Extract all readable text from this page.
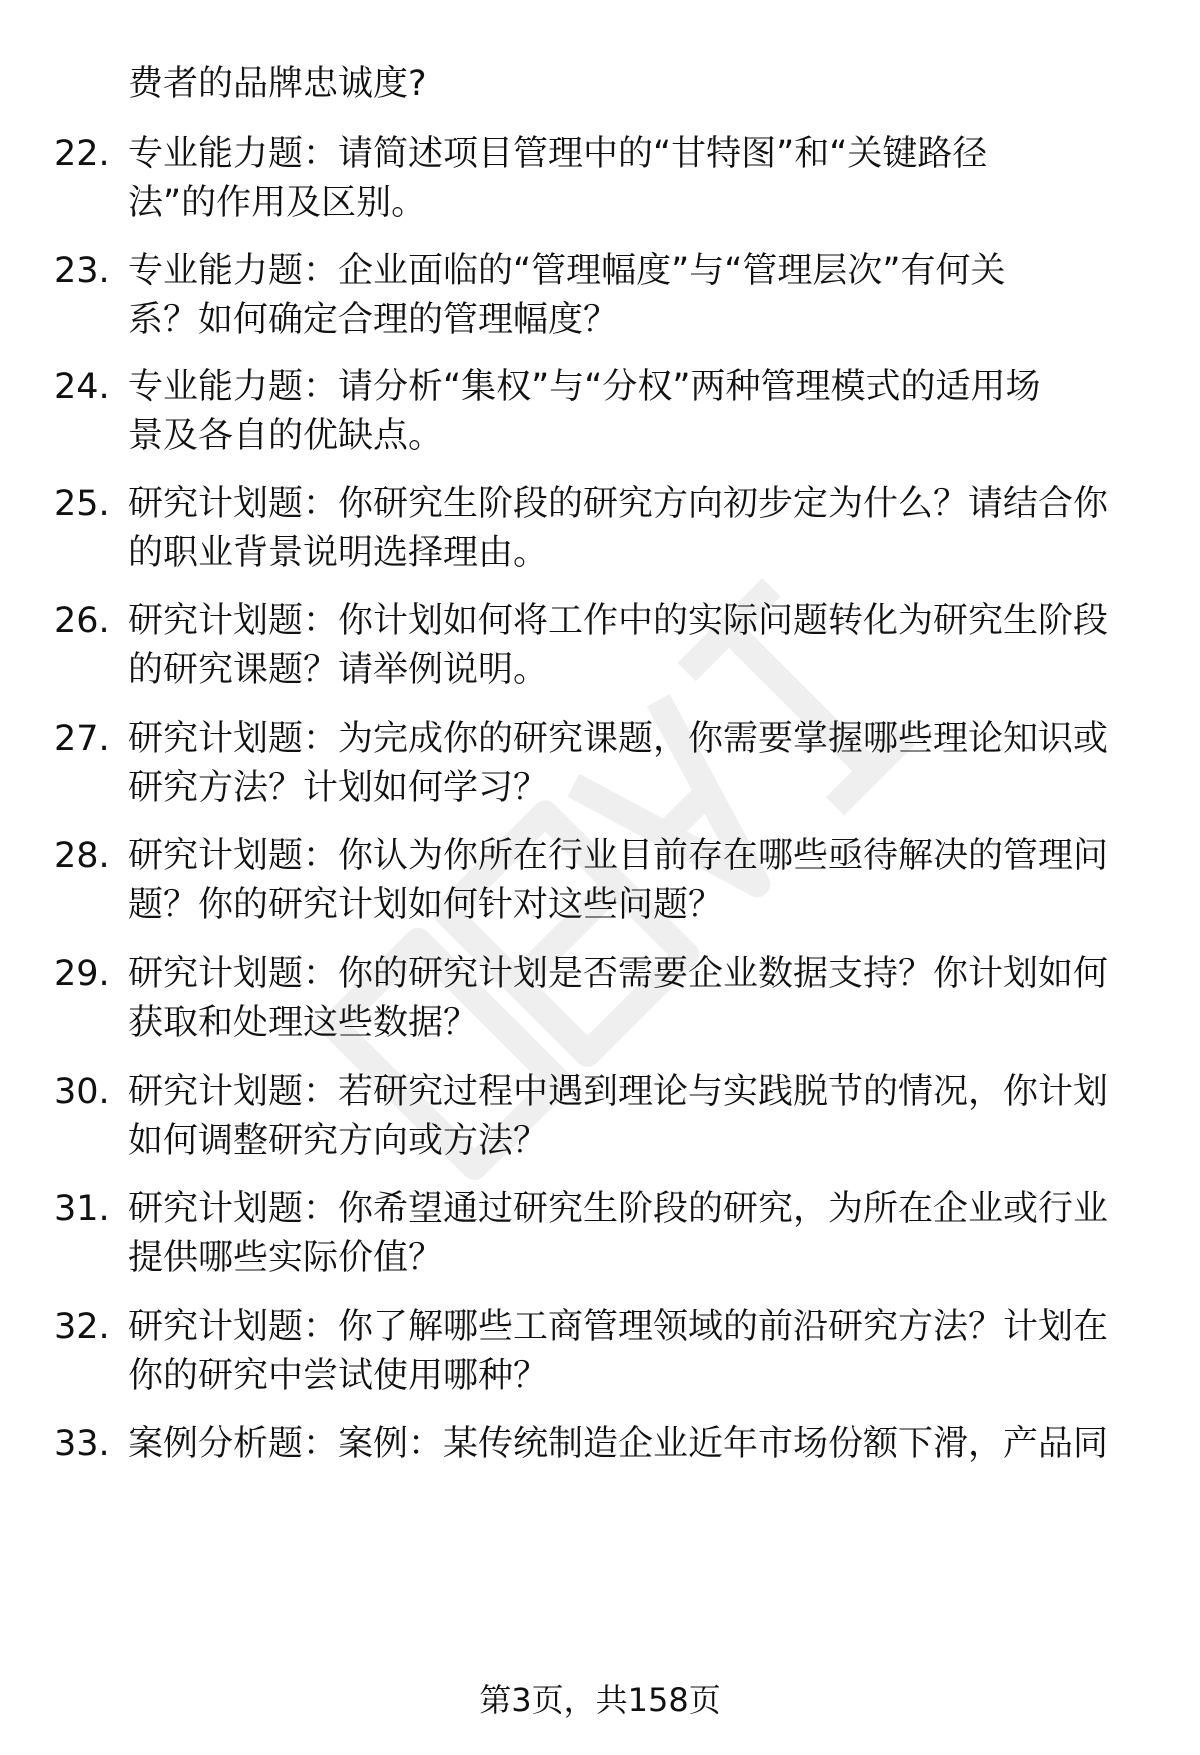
费者的品牌忠诚度?
22. 专业能力题：请简述项目管理中的“甘特图”和“关键路径
法”的作用及区别。
23. 专业能力题：企业面临的“管理幅度”与“管理层次”有何关
系？如何确定合理的管理幅度？
24. 专业能力题：请分析“集权”与“分权”两种管理模式的适用场
景及各自的优缺点。
25. 研究计划题：你研究生阶段的研究方向初步定为什么？请结合你
的职业背景说明选择理由。
26. 研究计划题：你计划如何将工作中的实际问题转化为研究生阶段
的研究课题？请举例说明。
27. 研究计划题：为完成你的研究课题，你需要掌握哪些理论知识或
研究方法？计划如何学习？
28. 研究计划题：你认为你所在行业目前存在哪些亟待解决的管理问
题？你的研究计划如何针对这些问题？
29. 研究计划题：你的研究计划是否需要企业数据支持？你计划如何
获取和处理这些数据？
30. 研究计划题：若研究过程中遇到理论与实践脱节的情况，你计划
如何调整研究方向或方法？
31. 研究计划题：你希望通过研究生阶段的研究，为所在企业或行业
提供哪些实际价值？
32. 研究计划题：你了解哪些工商管理领域的前沿研究方法？计划在
你的研究中尝试使用哪种？
33. 案例分析题：案例：某传统制造企业近年市场份额下滑，产品同
第3页，共158页
